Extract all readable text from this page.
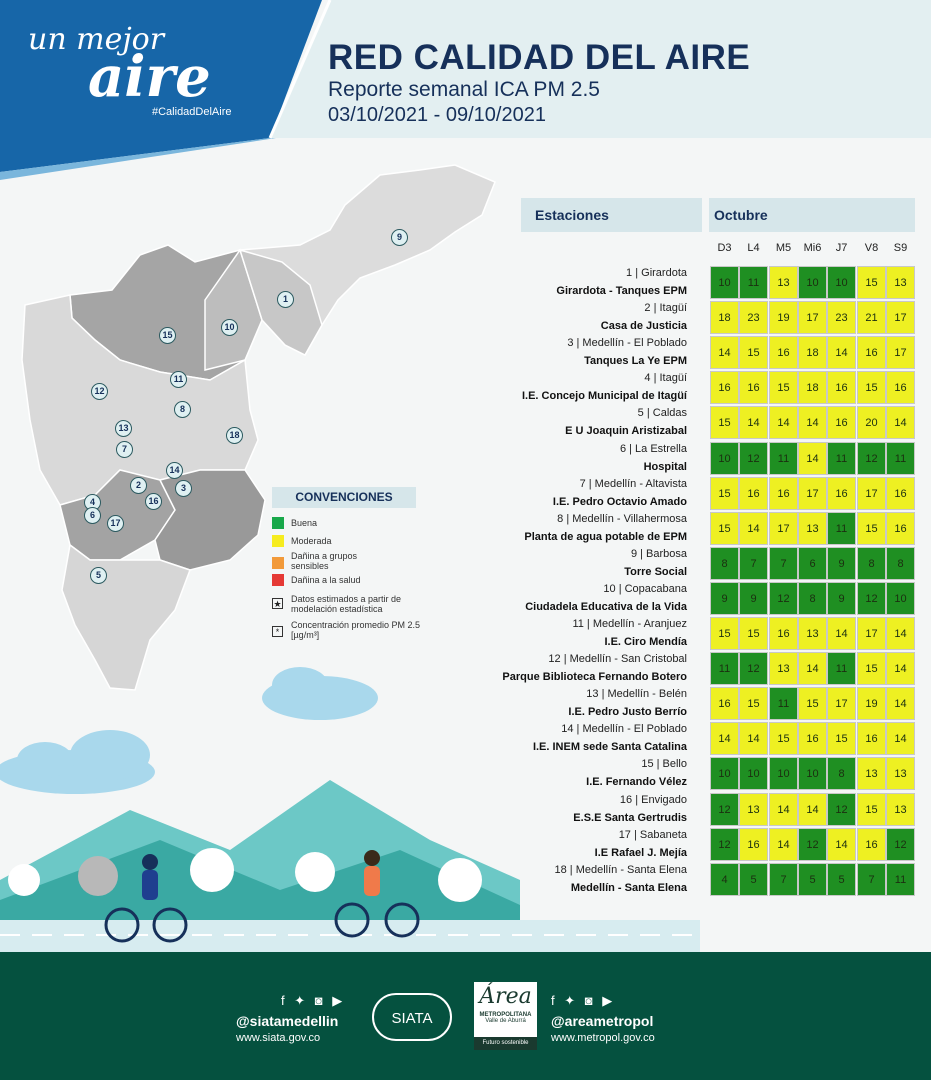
un mejor
aire
#CalidadDelAire
RED CALIDAD DEL AIRE
Reporte semanal ICA PM 2.5
03/10/2021 - 09/10/2021
9
1
10
15
11
12
8
13
18
7
14
2	3
16
4
6
17
5
CONVENCIONES
Buena
Moderada
Dañina a grupos sensibles
Dañina a la salud
★ Datos estimados a partir de modelación estadística
*
Concentración promedio PM 2.5 [µg/m³]
Estaciones	Octubre
D3	L4	M5	Mi6	J7	V8	S9
1 | Girardota
Girardota - Tanques EPM
10	11	13	10	10	15	13
2 | Itagüí
Casa de Justicia
18	23	19	17	23	21	17
3 | Medellín - El Poblado
Tanques La Ye EPM
14	15	16	18	14	16	17
4 | Itagüí
I.E. Concejo Municipal de Itagüí
16	16	15	18	16	15	16
5 | Caldas
E U Joaquin Aristizabal
15	14	14	14	16	20	14
6 | La Estrella
Hospital
10	12	11	14	11	12	11
7 | Medellín - Altavista
I.E. Pedro Octavio Amado
15	16	16	17	16	17	16
8 | Medellín - Villahermosa
Planta de agua potable de EPM
15	14	17	13	11	15	16
9 | Barbosa
Torre Social
8	7	7	6	9	8	8
10 | Copacabana
Ciudadela Educativa de la Vida
9	9	12	8	9	12	10
11 | Medellín - Aranjuez
I.E. Ciro Mendía
15	15	16	13	14	17	14
12 | Medellín - San Cristobal
Parque Biblioteca Fernando Botero
11	12	13	14	11	15	14
13 | Medellín - Belén
I.E. Pedro Justo Berrío
16	15	11	15	17	19	14
14 | Medellín - El Poblado
I.E. INEM sede Santa Catalina
14	14	15	16	15	16	14
15 | Bello
I.E. Fernando Vélez
10	10	10	10	8	13	13
16 | Envigado
E.S.E Santa Gertrudis
12	13	14	14	12	15	13
17 | Sabaneta
I.E Rafael J. Mejía
12	16	14	12	14	16	12
18 | Medellín - Santa Elena
Medellín - Santa Elena
4	5	7	5	5	7	11
f ✦ ◙ ▶
@siatamedellin
www.siata.gov.co
SIATA
Área
METROPOLITANA
Valle de Aburrá
Futuro sostenible
f ✦ ◙ ▶
@areametropol
www.metropol.gov.co
